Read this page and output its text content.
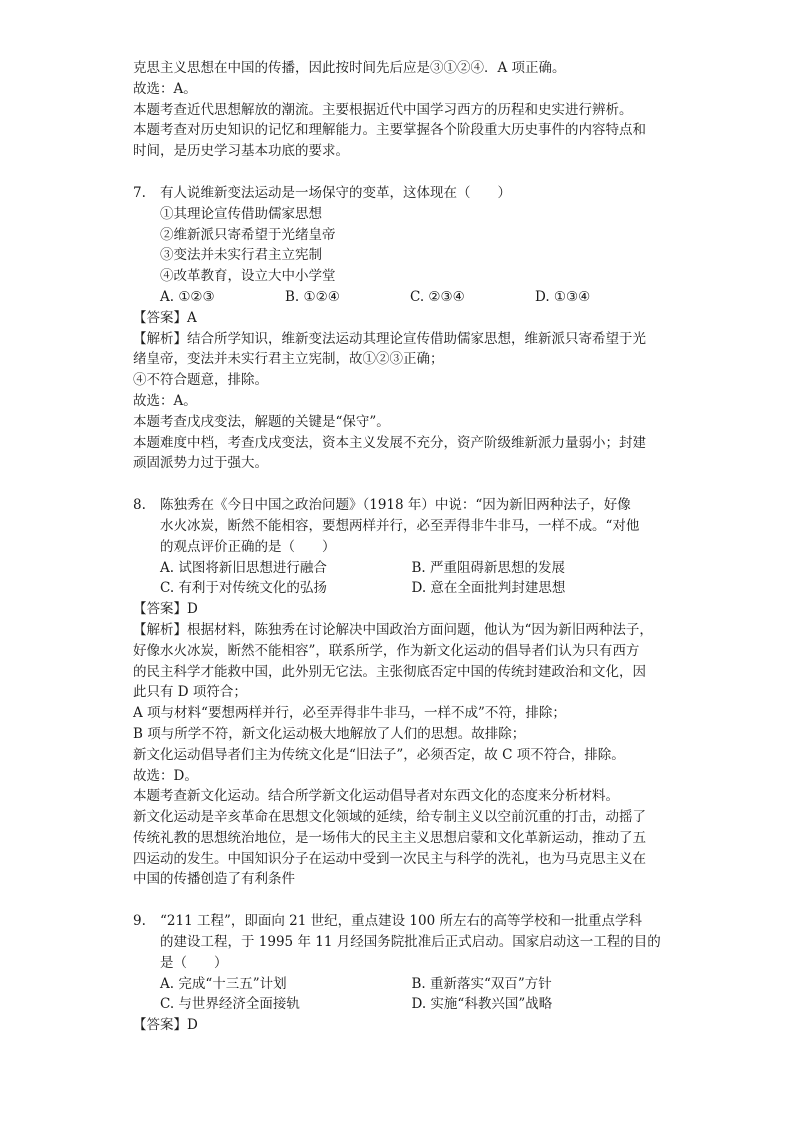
克思主义思想在中国的传播，因此按时间先后应是③①②④．A 项正确。
故选：A。
本题考查近代思想解放的潮流。主要根据近代中国学习西方的历程和史实进行辨析。
本题考查对历史知识的记忆和理解能力。主要掌握各个阶段重大历史事件的内容特点和
时间，是历史学习基本功底的要求。
7.	有人说维新变法运动是一场保守的变革，这体现在（　　）
①其理论宣传借助儒家思想
②维新派只寄希望于光绪皇帝
③变法并未实行君主立宪制
④改革教育，设立大中小学堂
A. ①②③	B. ①②④	C. ②③④	D. ①③④
【答案】A
【解析】结合所学知识，维新变法运动其理论宣传借助儒家思想，维新派只寄希望于光
绪皇帝，变法并未实行君主立宪制，故①②③正确；
④不符合题意，排除。
故选：A。
本题考查戊戌变法，解题的关键是“保守”。
本题难度中档，考查戊戌变法，资本主义发展不充分，资产阶级维新派力量弱小；封建
顽固派势力过于强大。
8.	陈独秀在《今日中国之政治问题》（1918 年）中说：“因为新旧两种法子，好像
水火冰炭，断然不能相容，要想两样并行，必至弄得非牛非马，一样不成。“对他
的观点评价正确的是（　　）
A. 试图将新旧思想进行融合	B. 严重阻碍新思想的发展
C. 有利于对传统文化的弘扬	D. 意在全面批判封建思想
【答案】D
【解析】根据材料，陈独秀在讨论解决中国政治方面问题，他认为“因为新旧两种法子，
好像水火冰炭，断然不能相容”，联系所学，作为新文化运动的倡导者们认为只有西方
的民主科学才能救中国，此外别无它法。主张彻底否定中国的传统封建政治和文化，因
此只有 D 项符合；
A 项与材料“要想两样并行，必至弄得非牛非马，一样不成”不符，排除；
B 项与所学不符，新文化运动极大地解放了人们的思想。故排除；
新文化运动倡导者们主为传统文化是“旧法子”，必须否定，故 C 项不符合，排除。
故选：D。
本题考查新文化运动。结合所学新文化运动倡导者对东西文化的态度来分析材料。
新文化运动是辛亥革命在思想文化领域的延续，给专制主义以空前沉重的打击，动摇了
传统礼教的思想统治地位，是一场伟大的民主主义思想启蒙和文化革新运动，推动了五
四运动的发生。中国知识分子在运动中受到一次民主与科学的洗礼，也为马克思主义在
中国的传播创造了有利条件
9.	“211 工程”，即面向 21 世纪，重点建设 100 所左右的高等学校和一批重点学科
的建设工程，于 1995 年 11 月经国务院批准后正式启动。国家启动这一工程的目的
是（　　）
A. 完成“十三五”计划	B. 重新落实“双百”方针
C. 与世界经济全面接轨	D. 实施“科教兴国”战略
【答案】D
